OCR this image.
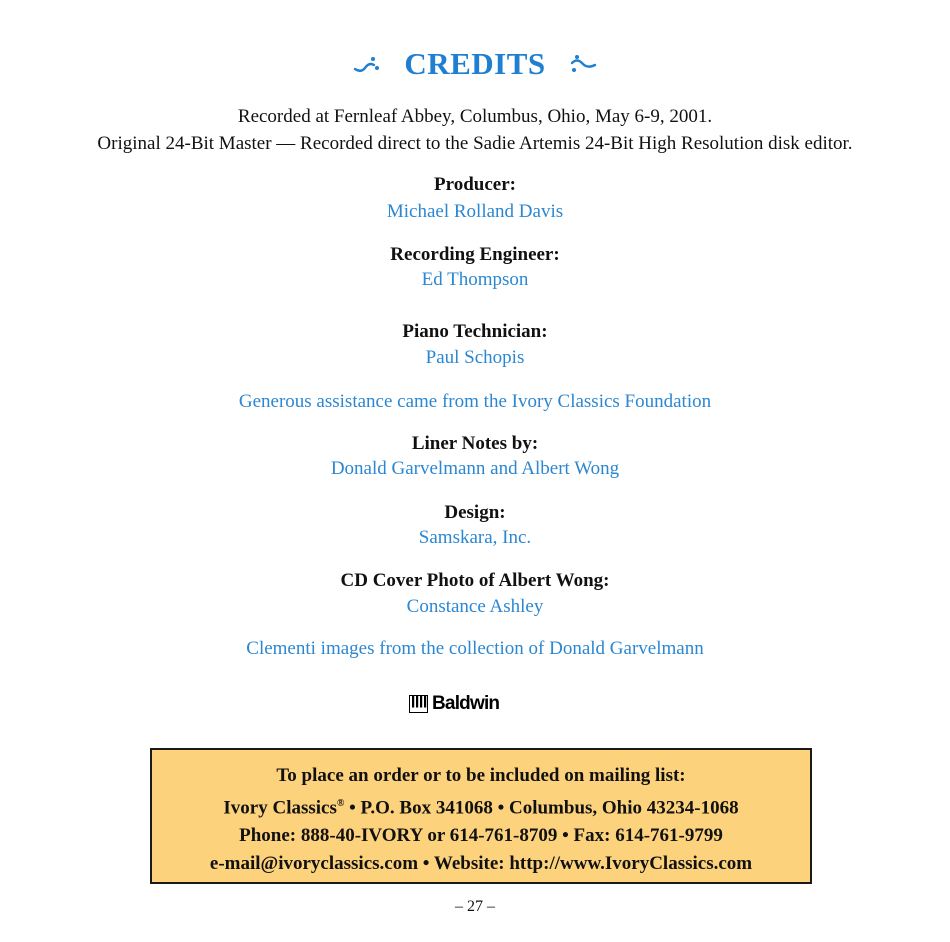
CREDITS
Recorded at Fernleaf Abbey, Columbus, Ohio, May 6-9, 2001.
Original 24-Bit Master — Recorded direct to the Sadie Artemis 24-Bit High Resolution disk editor.
Producer:
Michael Rolland Davis
Recording Engineer:
Ed Thompson
Piano Technician:
Paul Schopis
Generous assistance came from the Ivory Classics Foundation
Liner Notes by:
Donald Garvelmann and Albert Wong
Design:
Samskara, Inc.
CD Cover Photo of Albert Wong:
Constance Ashley
Clementi images from the collection of Donald Garvelmann
Baldwin
To place an order or to be included on mailing list:
Ivory Classics® • P.O. Box 341068 • Columbus, Ohio 43234-1068
Phone: 888-40-IVORY or 614-761-8709 • Fax: 614-761-9799
e-mail@ivoryclassics.com • Website: http://www.IvoryClassics.com
– 27 –
